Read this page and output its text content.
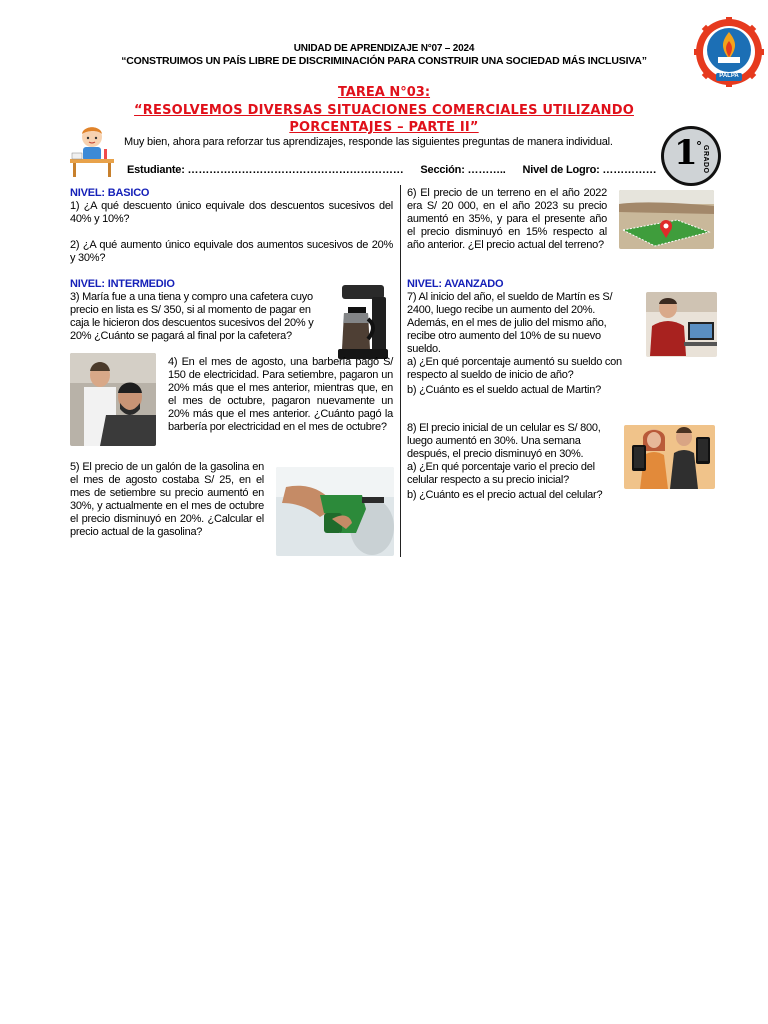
UNIDAD DE APRENDIZAJE N°07 – 2024
“CONSTRUIMOS UN PAÍS LIBRE DE DISCRIMINACIÓN PARA CONSTRUIR UNA SOCIEDAD MÁS INCLUSIVA”
PALPA
TAREA N°03:
“RESOLVEMOS DIVERSAS SITUACIONES COMERCIALES UTILIZANDO
PORCENTAJES – PARTE II”
Muy bien, ahora para reforzar tus aprendizajes, responde las siguientes preguntas de manera individual.
Estudiante: …………………………………………………… Sección: ……….. Nivel de Logro: …………… 1
° GRADO
NIVEL: BASICO
1) ¿A qué descuento único equivale dos descuentos sucesivos del 40% y 10%?
2) ¿A qué aumento único equivale dos aumentos sucesivos de 20% y 30%?
NIVEL: INTERMEDIO
3) María fue a una tiena y compro una cafetera cuyo precio en lista es S/ 350, si al momento de pagar en caja le hicieron dos descuentos sucesivos del 20% y 20% ¿Cuánto se pagará al final por la cafetera?
4) En el mes de agosto, una barbería pagó S/ 150 de electricidad. Para setiembre, pagaron un 20% más que el mes anterior, mientras que, en el mes de octubre, pagaron nuevamente un 20% más que el mes anterior. ¿Cuánto pagó la barbería por electricidad en el mes de octubre?
5) El precio de un galón de la gasolina en el mes de agosto costaba S/ 25, en el mes de setiembre su precio aumentó en 30%, y actualmente en el mes de octubre el precio disminuyó en 20%. ¿Calcular el precio actual de la gasolina?
6) El precio de un terreno en el año 2022 era S/ 20 000, en el año 2023 su precio aumentó en 35%, y para el presente año el precio disminuyó en 15% respecto al año anterior. ¿El precio actual del terreno?
NIVEL: AVANZADO
7) Al inicio del año, el sueldo de Martín es S/ 2400, luego recibe un aumento del 20%. Además, en el mes de julio del mismo año, recibe otro aumento del 10% de su nuevo sueldo.
a) ¿En qué porcentaje aumentó su sueldo con respecto al sueldo de inicio de año?
b) ¿Cuánto es el sueldo actual de Martin?
8) El precio inicial de un celular es S/ 800, luego aumentó en 30%. Una semana después, el precio disminuyó en 30%.
a) ¿En qué porcentaje vario el precio del celular respecto a su precio inicial?
b) ¿Cuánto es el precio actual del celular?
